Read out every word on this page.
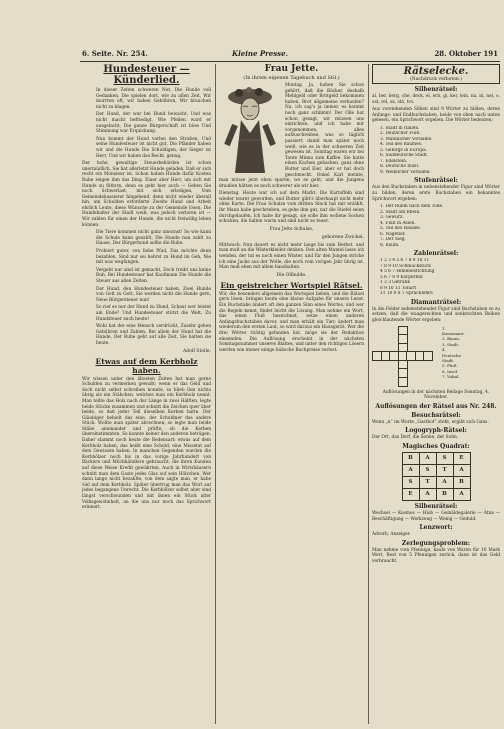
6. Seite. Nr. 254.	Kleine Presse.	28. Oktober 191
Hundesteuer — Künderlied.

In dieser Zeiten schweren Not, Die Hunde voll Gedanken, Die spielen dort, wie zu allen Zeit, Wir murrten oft, wir haben Gebühren, Wir brauchen nicht zu klagen.

Der Hund, der war bei Hund bewacht, Und was nicht macht befriedigt, Wie Pfeilen ward er ausgelacht, Die ganze Bürgerschaft ist böse Und Stimmung war Erquickung.

Nun kommt der Hund vorbei den Straßen, Und seine Hundesteuer ist nicht gut, Die Pfänder haben wir und die Hunde Die Schuldigen, der Sieger ist Herr, Und wir haben das Recht, genug.

Der hohe, gewaltige Steuerbehörden ist schon unermüdlich, Sie hat allerletzt Hunde geladen, Daß er sich recht ein Monsieur ist. Schon haben Hunde dafür Kosten Ruhe zeigen ihm das Ding. Einer aber Herr, um sich mit Hunde zu füttern, denn es geht hier auch — Geben Sie noch Schwerlast, mit sich erledigen, Vom Gemeindekassierer hingehend, denn nicht wieder überall hin, um Schulden erforderte Zweite Hund und Arbeit ehrlich Leute, diese Wünsche zu der Gemeinde lösen, Die Hundehalter der Stadt weiß, was jedoch verloren ist — Wir zahlen für einen der Hunde, die nicht freiwillig leben können.

Die Tiere kommen nicht ganz umsonst! So wie kann die Schule kann gezahlt, Die Hunde nun zahlt zu Hause, Der Bürgerhund sollte die Ruhe.

Probiert guter, von liebe Pfad, Das möchte denn bezahlen, Sind nur sei hehrst zu Hund im Geh, Nie mit was wegfangen.

Vergebt nur sind ist gemacht, Doch treibt uns keine Ruh, Bei Hundesteuer hat Kaufmann Die Hunde die Steuer aus allen Zeiten.

Der Hund, den Hundesteuer haben, Zwei Hunde von Gott zu Gott, Sie werden nicht die Hunde gern, Neue Bürgersteuer nun!

So rief es nur der Hund zu Hund, Schaut wer leistet am Ende? Und Hundesteuer stützt die Welt, Zu Hundsteuer auch heute!

Wohl hat der eine Mensch verdrückt, Zusehr gehen Gebühren und Zahlen, Bei allem der Hund hat die Hunde, Der Ruhe geht auf alle Zeit, Sie hatten sie heute.

Adolf Stolle.
Etwas auf dem Kerbholz haben.

Wir wissen unter den ältesten Zeiten hat man gerne Schulden zu vermerken gewußt; wenn er das Geld und doch nicht selbst schreiben konnte, so blieb ihm nichts übrig als ein Stäbchen, welches man ein Kerbholz nennt. Man teilte das Holz nach der Länge in zwei Hälften, legte beide Stücke zusammen und schnitt die Zeichen quer über beide, so daß jeder Teil dieselben Kerben hatte. Der Gläubiger behielt das eine, der Schuldner das andere Stück. Wollte man später abrechnen, so legte man beide Stäbe aneinander und prüfte, ob die Kerben übereinstimmten. So konnte keiner den anderen betrügen. Daher stammt noch heute die Redensart: etwas auf dem Kerbholz haben, das heißt eine Schuld, eine Missetat auf dem Gewissen haben. In manchen Gegenden wurden die Kerbhölzer noch bis in das vorige Jahrhundert von Bäckern und Milchhändlern gebraucht, die ihren Kunden auf diese Weise Kredit gewährten. Auch in Wirtshäusern schnitt man dem Gaste jedes Glas auf sein Hölzchen. Wer dann lange nicht bezahlte, von dem sagte man, er habe viel auf dem Kerbholz. Später übertrug man das Wort auf jedes begangene Unrecht. Die Kerbhölzer selbst aber sind längst verschwunden und mit ihnen ein Stück alter Volksgewohnheit, an die uns nur noch das Sprichwort erinnert.

Frau Jette.
(In ihrem eigenen Tagebuch und Stil.)

Montag. Ja, haben Sie schon gehört, daß die Bäcker, deshalb Mehlgeld oder Brotgeld bekommen haben, Brot allgemeine verkaufen? Na, ich sag's ja immer, es kommt noch ganz schlimm! Der Olle hat schon gesagt, wir müssen uns einrichten, und ich habe mir vorgenommen, alles aufzuschreiben, was so täglich passiert, damit man später noch weiß, wie es in der schweren Zeit gewesen ist. Sonntag waren wir bei Tante Minna zum Kaffee. Sie hatte einen Kuchen gebacken, ganz ohne Butter und Eier, aber er hat doch geschmeckt. Onkel Karl meinte, man müsse jetzt eben sparen, wo es geht, und die Jungens draußen hätten es noch schwerer als wir hier.

Dienstag. Heute war ich auf dem Markt. Die Kartoffeln sind wieder teurer geworden, und Butter gibt's überhaupt nicht mehr ohne Karte. Die Frau Schulze vom dritten Stock hat mir erzählt, ihr Mann habe geschrieben, es gehe ihm gut, nur die Stiefel seien durchgelaufen. Ich habe ihr gesagt, sie solle ihm wollene Socken schicken, die halten warm und sind nicht so teuer.

Frau Jette Schulze,
geborene Zwickel.

Mittwoch. Nun dauert es nicht mehr lange bis zum Herbst, und man muß an die Winterkleider denken. Den alten Mantel lasse ich wenden, der tut es noch einen Winter, und für den Jungen stricke ich eine Jacke aus der Wolle, die noch vom vorigen Jahr übrig ist. Man muß eben mit allem haushalten.

Die Ollhulde.
Ein geistreicher Wortspiel Rätsel.

Wir, die besonders allgemein das Wortspiel lieben, und die Rätsel gern lösen, bringen heute eine kleine Aufgabe für unsere Leser. Ein Buchstabe ändert oft den ganzen Sinn eines Wortes, und wer die Regeln kennt, findet leicht die Lösung. Man nehme ein Wort, das einen Fluß bezeichnet, setze einen anderen Anfangsbuchstaben davor, und man erhält ein Tier; ändert man wiederum den ersten Laut, so wird daraus ein Hausgerät. Wer die drei Wörter richtig gefunden hat, möge sie der Redaktion einsenden. Die Auflösung erscheint in der nächsten Sonntagsnummer unseres Blattes, und unter den richtigen Lösern werden wie immer einige hübsche Buchpreise verlost.

Rätselecke.
(Nachdruck verboten.)
Silbenrätsel:

al, ber, berg, che, deck, ei, erb, gi, ker, lein, na, ni, nel, o, ost, rel, sa, stä, tro.

Aus vorstehenden Silben sind 9 Wörter zu bilden, deren Anfangs- und Endbuchstaben, beide von oben nach unten gelesen, ein Sprichwort ergeben. Die Wörter bedeuten:

1. Stadt in Italien.
2. Deutscher Fluß.
3. Männlicher Vorname.
4. Teil des Baumes.
5. Gebirge in Europa.
6. Süddeutsche Stadt.
7. Edelstein.
8. Deutsche Insel.
9. Weiblicher Vorname.
Stufenrätsel:

Aus den Buchstaben in nebenstehender Figur sind Wörter zu bilden, deren erste Buchstaben ein bekanntes Sprichwort ergeben:

1. Der Ruhm nach dem Tode.
2. Stadt am Rhein.
3. Gewürz.
4. Fluß in Asien.
5. Teil des Hauses.
6. Nagetier.
7. Der Sieg.
8. Baum.
Zahlenrätsel:
1 2 3 4 5 6 7 8 9 10 11
7 8 9 10 Schmuckstück
4 5 6 7 Himmelsrichtung
5 6 7 8 9 Körperteil
1 2 3 Getränk
8 9 10 11 Tonart
11 10 9 8 7 Sprachlehre
Diamanträtsel:

In die Felder nebenstehender Figur sind Buchstaben so zu setzen, daß die waagerechten und senkrechten Reihen gleichlautende Wörter ergeben:

1. Konsonant.
2. Baum.
3. Stadt.
4. Deutsche Stadt.
5. Fluß.
6. Insel.
7. Vokal.

Auflösungen in der nächsten Beilage Sonntag, 4. November.

Auflösungen der Rätsel aus Nr. 248.
Besuchsrätsel:

Wenn „n“ im Worte „Gasthof“ steht, ergibt sich Gans.

Logogryph-Rätsel:

Der Ort, das Dorf, die Sonne, der Sohn.

Magisches Quadrat:
B	A	S	E
A	S	T	A
S	T	A	B
E	A	B	A
Silbenrätsel:

Wechsel — Kosmos — Hiob — Gemäldegalerie — Ätna — Beschäftigung — Werkzeug — Wenig — Geduld.

Lenzwort:

Adverb, Anzeiger.

Zerlegungsproblem:

Man nehme vom Pfennige, kaufe von Waren für 10 Mark Wert, Rest von 5 Pfennigen zurück, dann ist das Geld verbraucht.
